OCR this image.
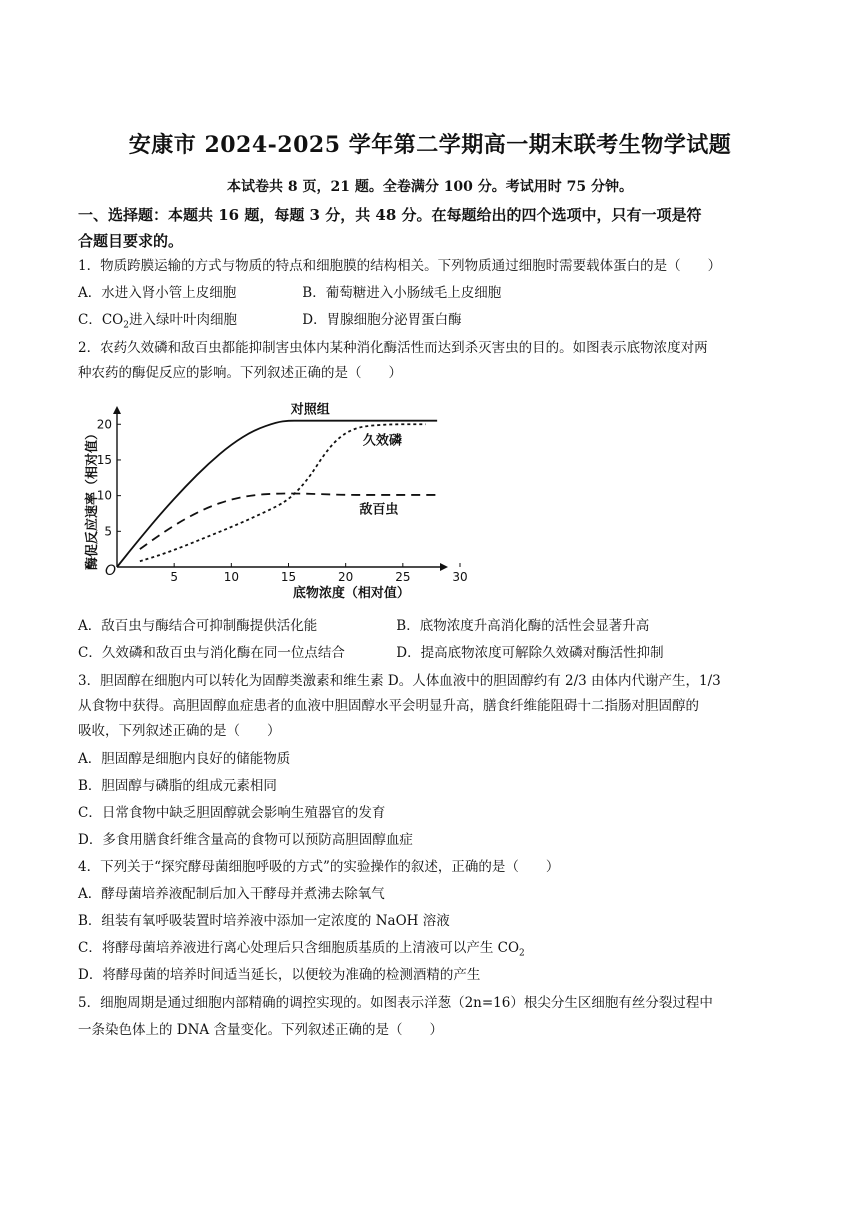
安康市 2024-2025 学年第二学期高一期末联考生物学试题
本试卷共 8 页，21 题。全卷满分 100 分。考试用时 75 分钟。
一、选择题：本题共 16 题，每题 3 分，共 48 分。在每题给出的四个选项中，只有一项是符
合题目要求的。
1．物质跨膜运输的方式与物质的特点和细胞膜的结构相关。下列物质通过细胞时需要载体蛋白的是（　　）
A．水进入肾小管上皮细胞	B．葡萄糖进入小肠绒毛上皮细胞
C．$CO_2$进入绿叶叶肉细胞	D．胃腺细胞分泌胃蛋白酶
2．农药久效磷和敌百虫都能抑制害虫体内某种消化酶活性而达到杀灭害虫的目的。如图表示底物浓度对两
种农药的酶促反应的影响。下列叙述正确的是（　　）
O	5	10	15	20	25	30
5
10
15
20
底物浓度（相对值）
酶促反应速率（相对值）
对照组
久效磷
敌百虫
A．敌百虫与酶结合可抑制酶提供活化能	B．底物浓度升高消化酶的活性会显著升高
C．久效磷和敌百虫与消化酶在同一位点结合	D．提高底物浓度可解除久效磷对酶活性抑制
3．胆固醇在细胞内可以转化为固醇类激素和维生素 D。人体血液中的胆固醇约有 2/3 由体内代谢产生，1/3
从食物中获得。高胆固醇血症患者的血液中胆固醇水平会明显升高，膳食纤维能阻碍十二指肠对胆固醇的
吸收，下列叙述正确的是（　　）
A．胆固醇是细胞内良好的储能物质
B．胆固醇与磷脂的组成元素相同
C．日常食物中缺乏胆固醇就会影响生殖器官的发育
D．多食用膳食纤维含量高的食物可以预防高胆固醇血症
4．下列关于“探究酵母菌细胞呼吸的方式”的实验操作的叙述，正确的是（　　）
A．酵母菌培养液配制后加入干酵母并煮沸去除氧气
B．组装有氧呼吸装置时培养液中添加一定浓度的 NaOH 溶液
C．将酵母菌培养液进行离心处理后只含细胞质基质的上清液可以产生 $CO_2$
D．将酵母菌的培养时间适当延长，以便较为准确的检测酒精的产生
5．细胞周期是通过细胞内部精确的调控实现的。如图表示洋葱（2n=16）根尖分生区细胞有丝分裂过程中
一条染色体上的 DNA 含量变化。下列叙述正确的是（　　）
